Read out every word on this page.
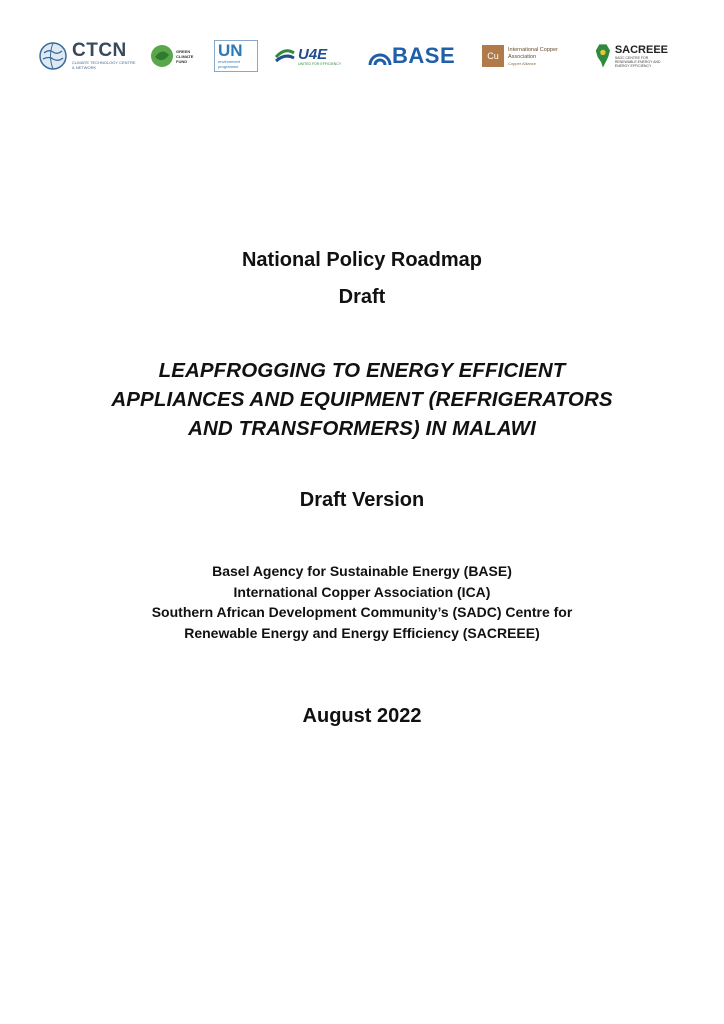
CTCN
CLIMATE TECHNOLOGY CENTRE & NETWORK
GREEN CLIMATE FUND
UN
environment programme
U4E
UNITED FOR EFFICIENCY BASE	Cu
International Copper Association
Copper Alliance
SACREEE
SADC CENTRE FOR RENEWABLE ENERGY AND ENERGY EFFICIENCY
National Policy Roadmap
Draft
LEAPFROGGING TO ENERGY EFFICIENT
APPLIANCES AND EQUIPMENT (REFRIGERATORS
AND TRANSFORMERS) IN MALAWI
Draft Version
Basel Agency for Sustainable Energy (BASE)
International Copper Association (ICA)
Southern African Development Community’s (SADC) Centre for
Renewable Energy and Energy Efficiency (SACREEE)
August 2022
